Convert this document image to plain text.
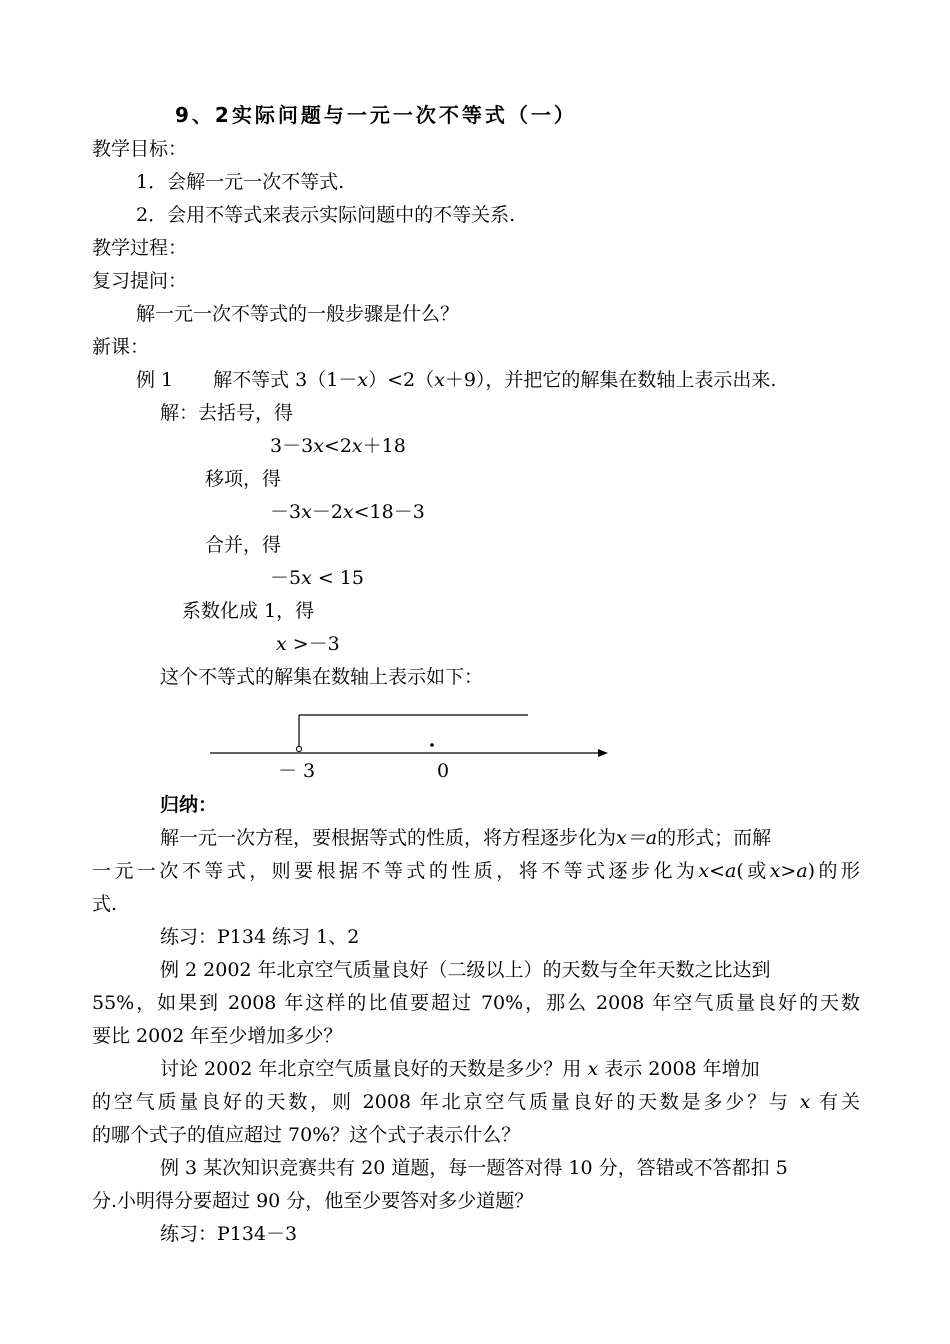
9、2实际问题与一元一次不等式（一）
教学目标：
1．会解一元一次不等式.
2．会用不等式来表示实际问题中的不等关系.
教学过程：
复习提问：
解一元一次不等式的一般步骤是什么？
新课：
例 1 解不等式 3（1－x）<2（x＋9），并把它的解集在数轴上表示出来.
解：去括号，得
3－3x<2x＋18
移项，得
－3x－2x<18－3
合并，得
－5x < 15
系数化成 1，得
x >－3
这个不等式的解集在数轴上表示如下：
－ 3	0
归纳：
解一元一次方程，要根据等式的性质，将方程逐步化为x＝a的形式；而解
一元一次不等式，则要根据不等式的性质，将不等式逐步化为x<a(或x>a)的形
式.
练习：P134 练习 1、2
例 2 2002 年北京空气质量良好（二级以上）的天数与全年天数之比达到
55%，如果到 2008 年这样的比值要超过 70%，那么 2008 年空气质量良好的天数
要比 2002 年至少增加多少？
讨论 2002 年北京空气质量良好的天数是多少？用 x 表示 2008 年增加
的空气质量良好的天数，则 2008 年北京空气质量良好的天数是多少？与 x 有关
的哪个式子的值应超过 70%？这个式子表示什么？
例 3 某次知识竞赛共有 20 道题，每一题答对得 10 分，答错或不答都扣 5
分.小明得分要超过 90 分，他至少要答对多少道题？
练习：P134－3
